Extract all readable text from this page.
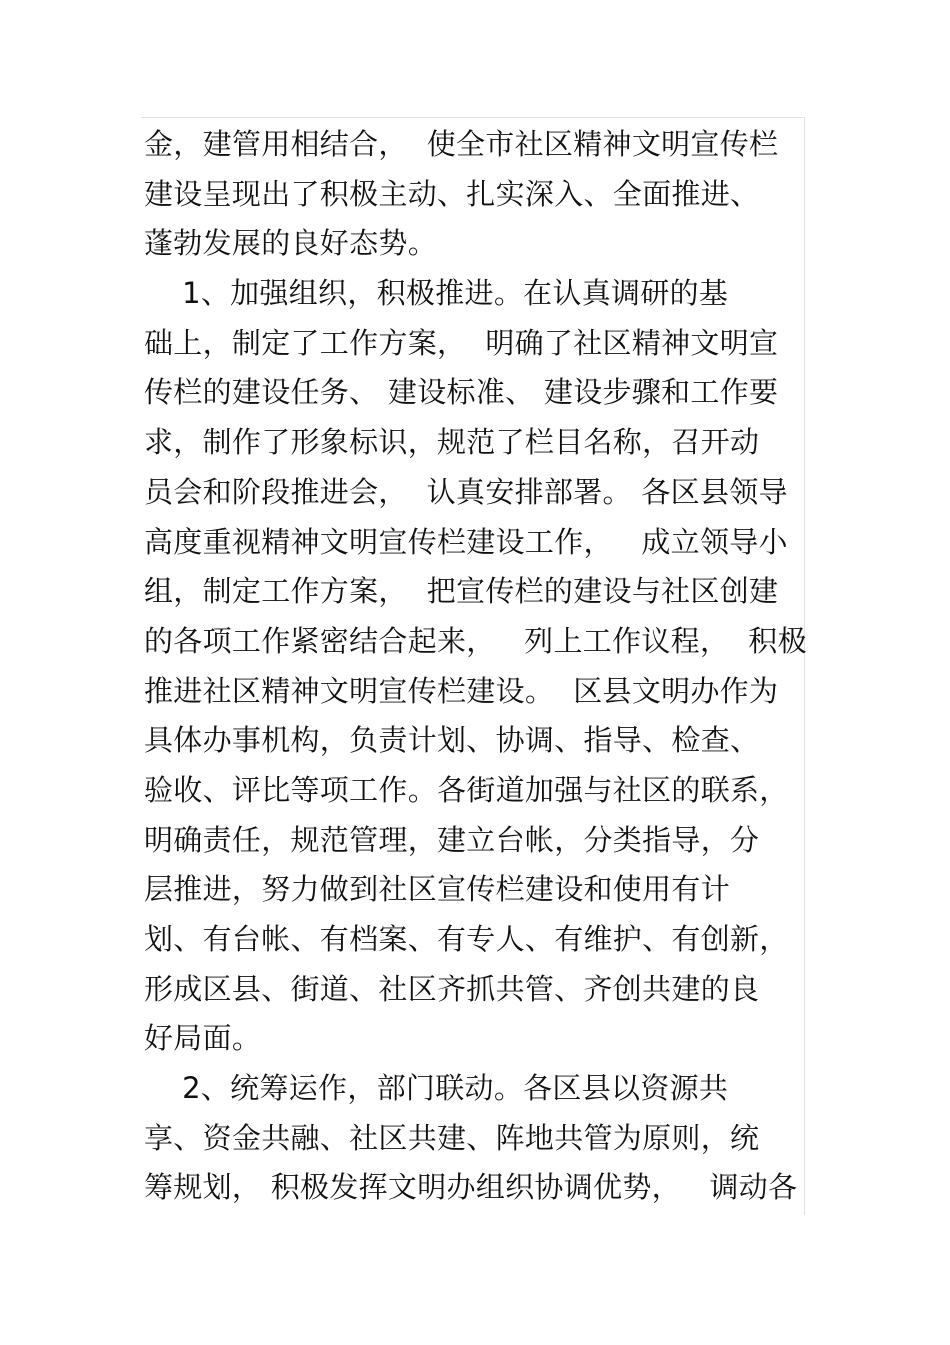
金，建管用相结合，  使全市社区精神文明宣传栏
建设呈现出了积极主动、扎实深入、全面推进、
蓬勃发展的良好态势。
1、加强组织，积极推进。在认真调研的基
础上，制定了工作方案，  明确了社区精神文明宣
传栏的建设任务、 建设标准、 建设步骤和工作要
求，制作了形象标识，规范了栏目名称，召开动
员会和阶段推进会，  认真安排部署。 各区县领导
高度重视精神文明宣传栏建设工作，   成立领导小
组，制定工作方案，  把宣传栏的建设与社区创建
的各项工作紧密结合起来，   列上工作议程，  积极
推进社区精神文明宣传栏建设。  区县文明办作为
具体办事机构，负责计划、协调、指导、检查、
验收、评比等项工作。各街道加强与社区的联系，
明确责任，规范管理，建立台帐，分类指导，分
层推进，努力做到社区宣传栏建设和使用有计
划、有台帐、有档案、有专人、有维护、有创新，
形成区县、街道、社区齐抓共管、齐创共建的良
好局面。
2、统筹运作，部门联动。各区县以资源共
享、资金共融、社区共建、阵地共管为原则，统
筹规划， 积极发挥文明办组织协调优势，   调动各
